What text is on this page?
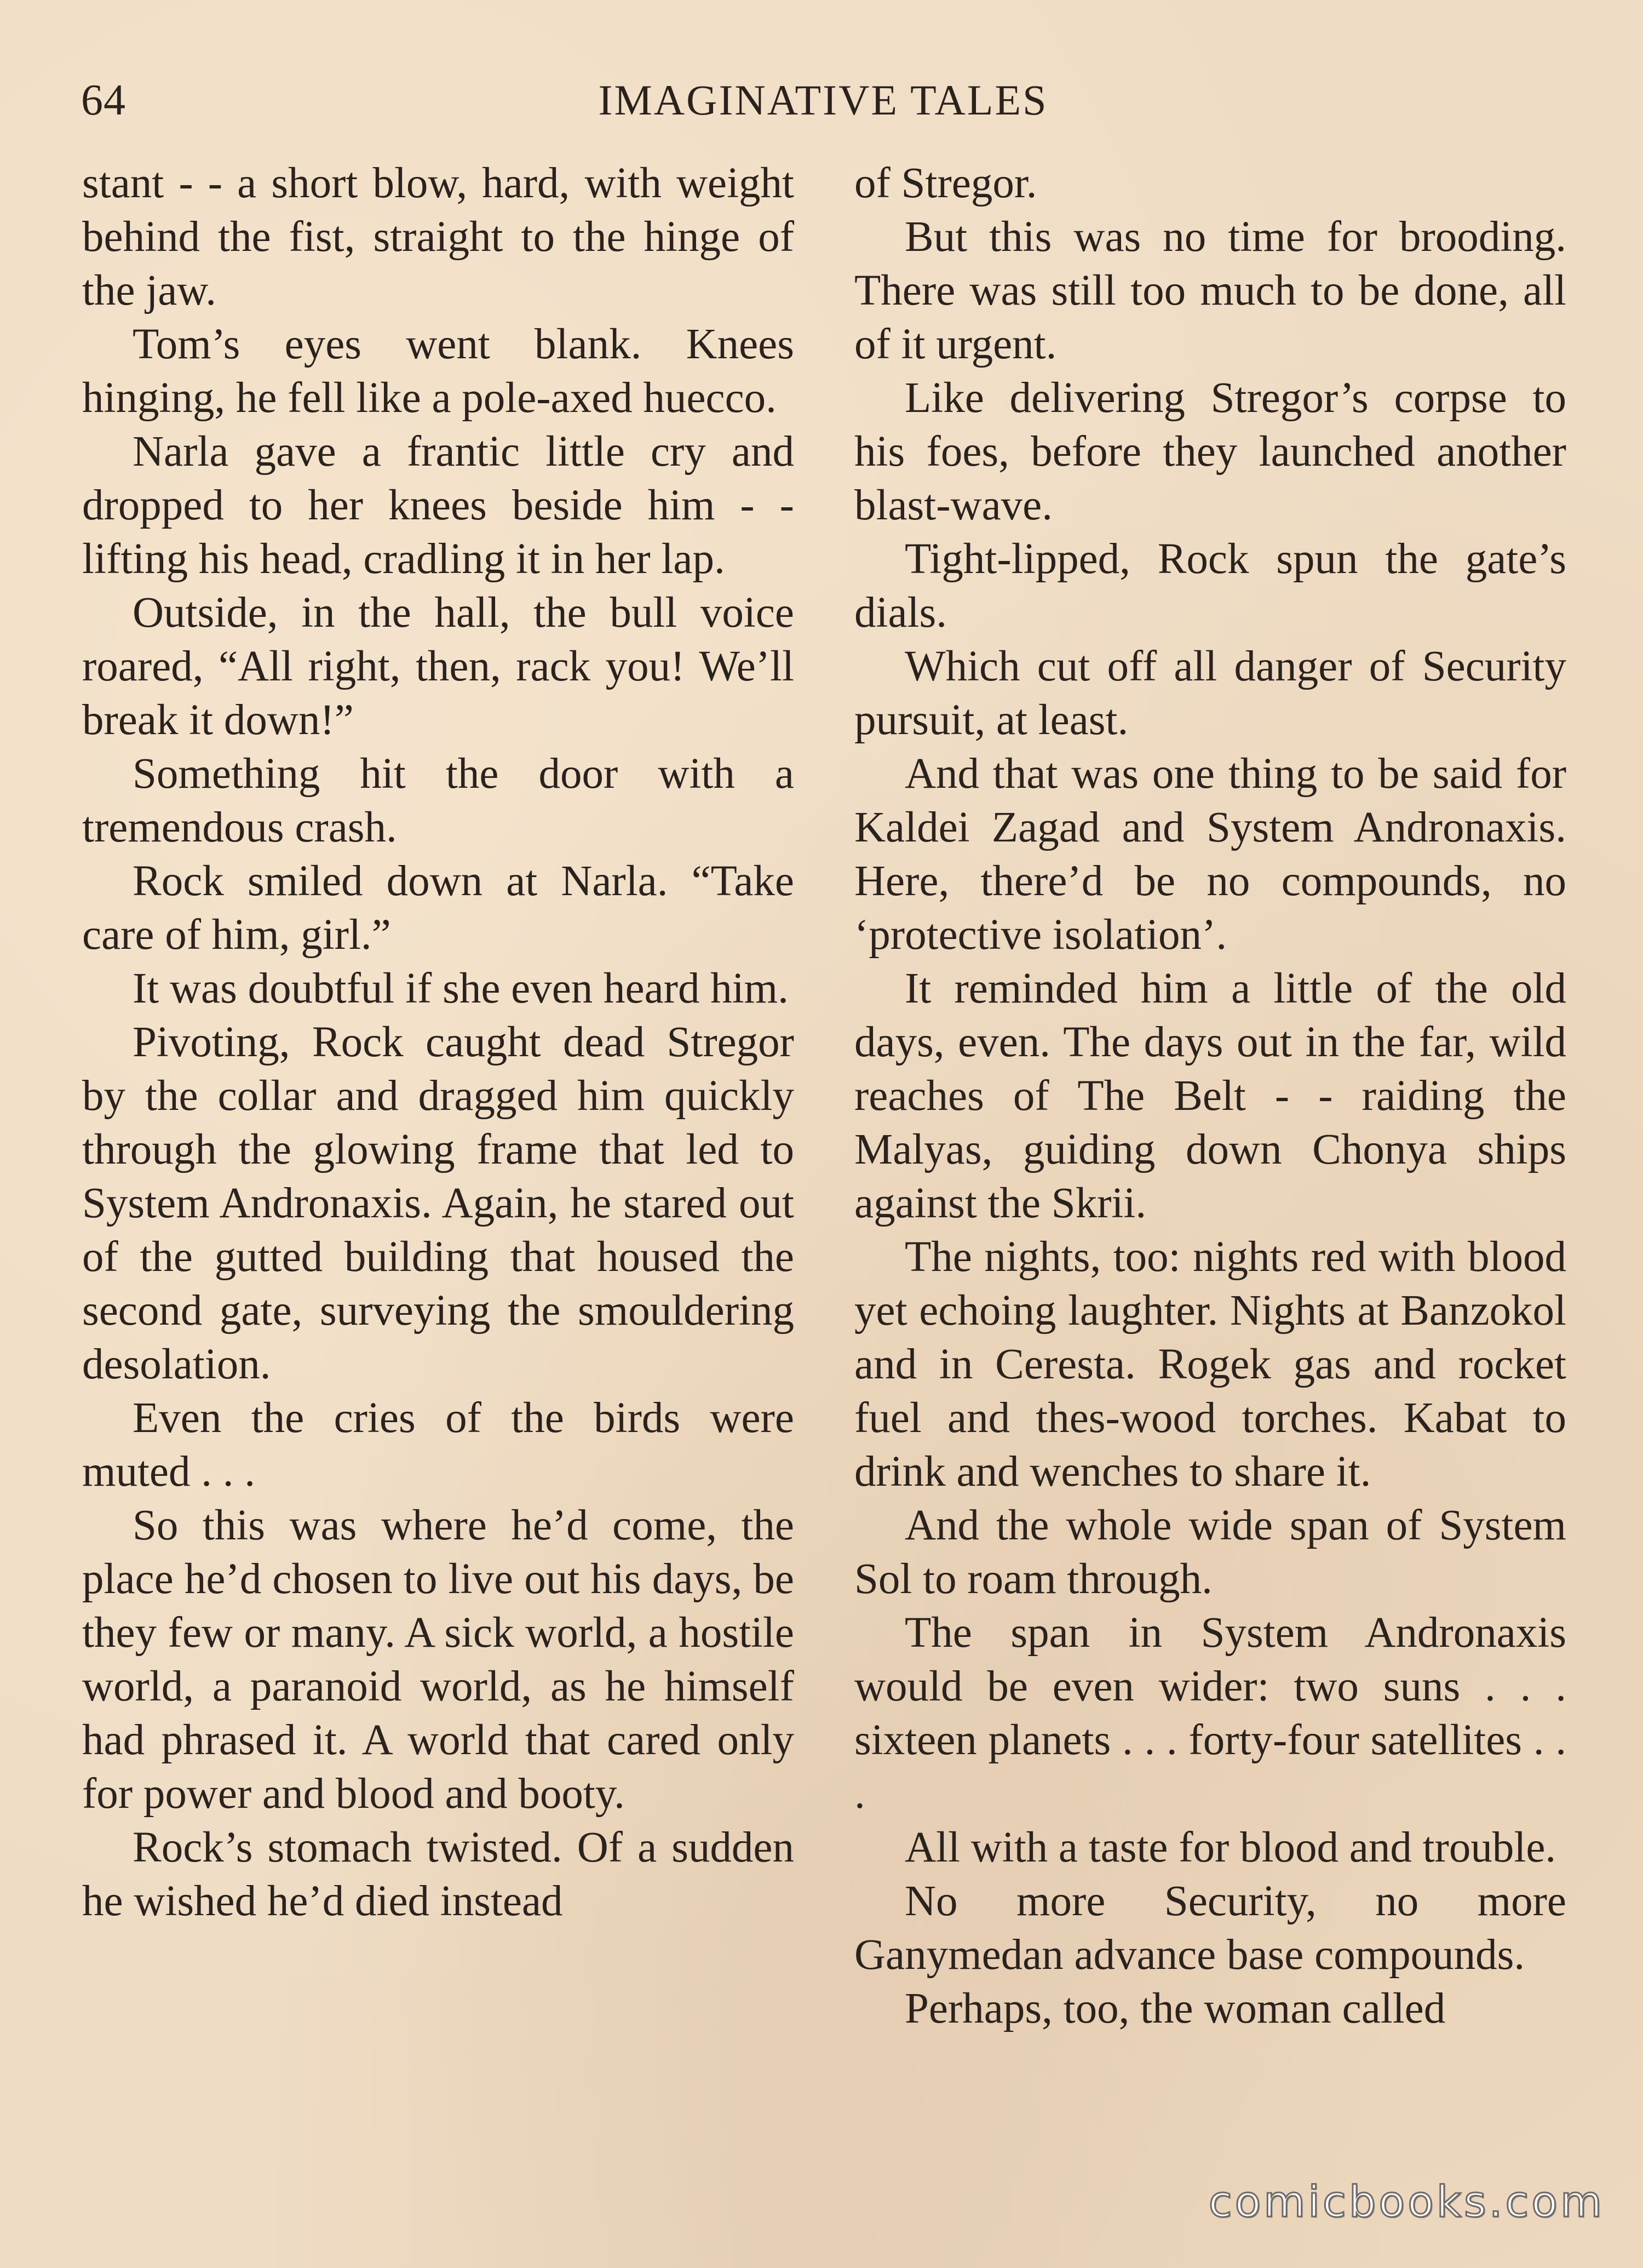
64	IMAGINATIVE TALES

stant - - a short blow, hard, with weight behind the fist, straight to the hinge of the jaw.

Tom’s eyes went blank. Knees hinging, he fell like a pole-axed huecco.

Narla gave a frantic little cry and dropped to her knees beside him - - lifting his head, cradling it in her lap.

Outside, in the hall, the bull voice roared, “All right, then, rack you! We’ll break it down!”

Something hit the door with a tremendous crash.

Rock smiled down at Narla. “Take care of him, girl.”

It was doubtful if she even heard him.

Pivoting, Rock caught dead Stregor by the collar and dragged him quickly through the glowing frame that led to System Andronaxis. Again, he stared out of the gutted building that housed the second gate, surveying the smouldering desolation.

Even the cries of the birds were muted . . .

So this was where he’d come, the place he’d chosen to live out his days, be they few or many. A sick world, a hostile world, a paranoid world, as he himself had phrased it. A world that cared only for power and blood and booty.

Rock’s stomach twisted. Of a sudden he wished he’d died instead

of Stregor.

But this was no time for brooding. There was still too much to be done, all of it urgent.

Like delivering Stregor’s corpse to his foes, before they launched another blast-wave.

Tight-lipped, Rock spun the gate’s dials.

Which cut off all danger of Security pursuit, at least.

And that was one thing to be said for Kaldei Zagad and System Andronaxis. Here, there’d be no compounds, no ‘protective isolation’.

It reminded him a little of the old days, even. The days out in the far, wild reaches of The Belt - - raiding the Malyas, guiding down Chonya ships against the Skrii.

The nights, too: nights red with blood yet echoing laughter. Nights at Banzokol and in Ceresta. Rogek gas and rocket fuel and thes-wood torches. Kabat to drink and wenches to share it.

And the whole wide span of System Sol to roam through.

The span in System Andronaxis would be even wider: two suns . . . sixteen planets . . . forty-four satellites . . .

All with a taste for blood and trouble.

No more Security, no more Ganymedan advance base compounds.

Perhaps, too, the woman called

comicbooks.com
